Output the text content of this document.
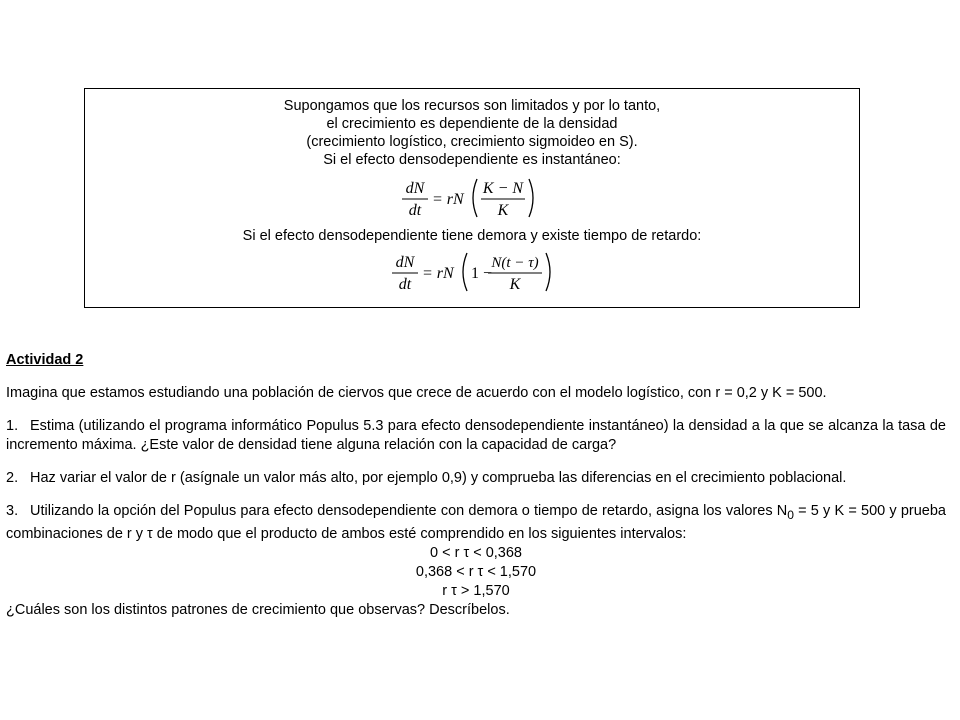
Supongamos que los recursos son limitados y por lo tanto,
el crecimiento es dependiente de la densidad
(crecimiento logístico, crecimiento sigmoideo en S).
Si el efecto densodependiente es instantáneo:
dN
dt
= rN
K − N
K
Si el efecto densodependiente tiene demora y existe tiempo de retardo:
dN
dt
= rN 1 −
N(t − τ)
K

Actividad 2

Imagina que estamos estudiando una población de ciervos que crece de acuerdo con el modelo logístico, con r = 0,2 y K = 500.

1. Estima (utilizando el programa informático Populus 5.3 para efecto densodependiente instantáneo) la densidad a la que se alcanza la tasa de incremento máxima. ¿Este valor de densidad tiene alguna relación con la capacidad de carga?

2. Haz variar el valor de r (asígnale un valor más alto, por ejemplo 0,9) y comprueba las diferencias en el crecimiento poblacional.

3. Utilizando la opción del Populus para efecto densodependiente con demora o tiempo de retardo, asigna los valores $N_0 = 5$ y K = 500 y prueba combinaciones de r y τ de modo que el producto de ambos esté comprendido en los siguientes intervalos:

0 < r τ < 0,368

0,368 < r τ < 1,570

r τ > 1,570

¿Cuáles son los distintos patrones de crecimiento que observas? Descríbelos.
